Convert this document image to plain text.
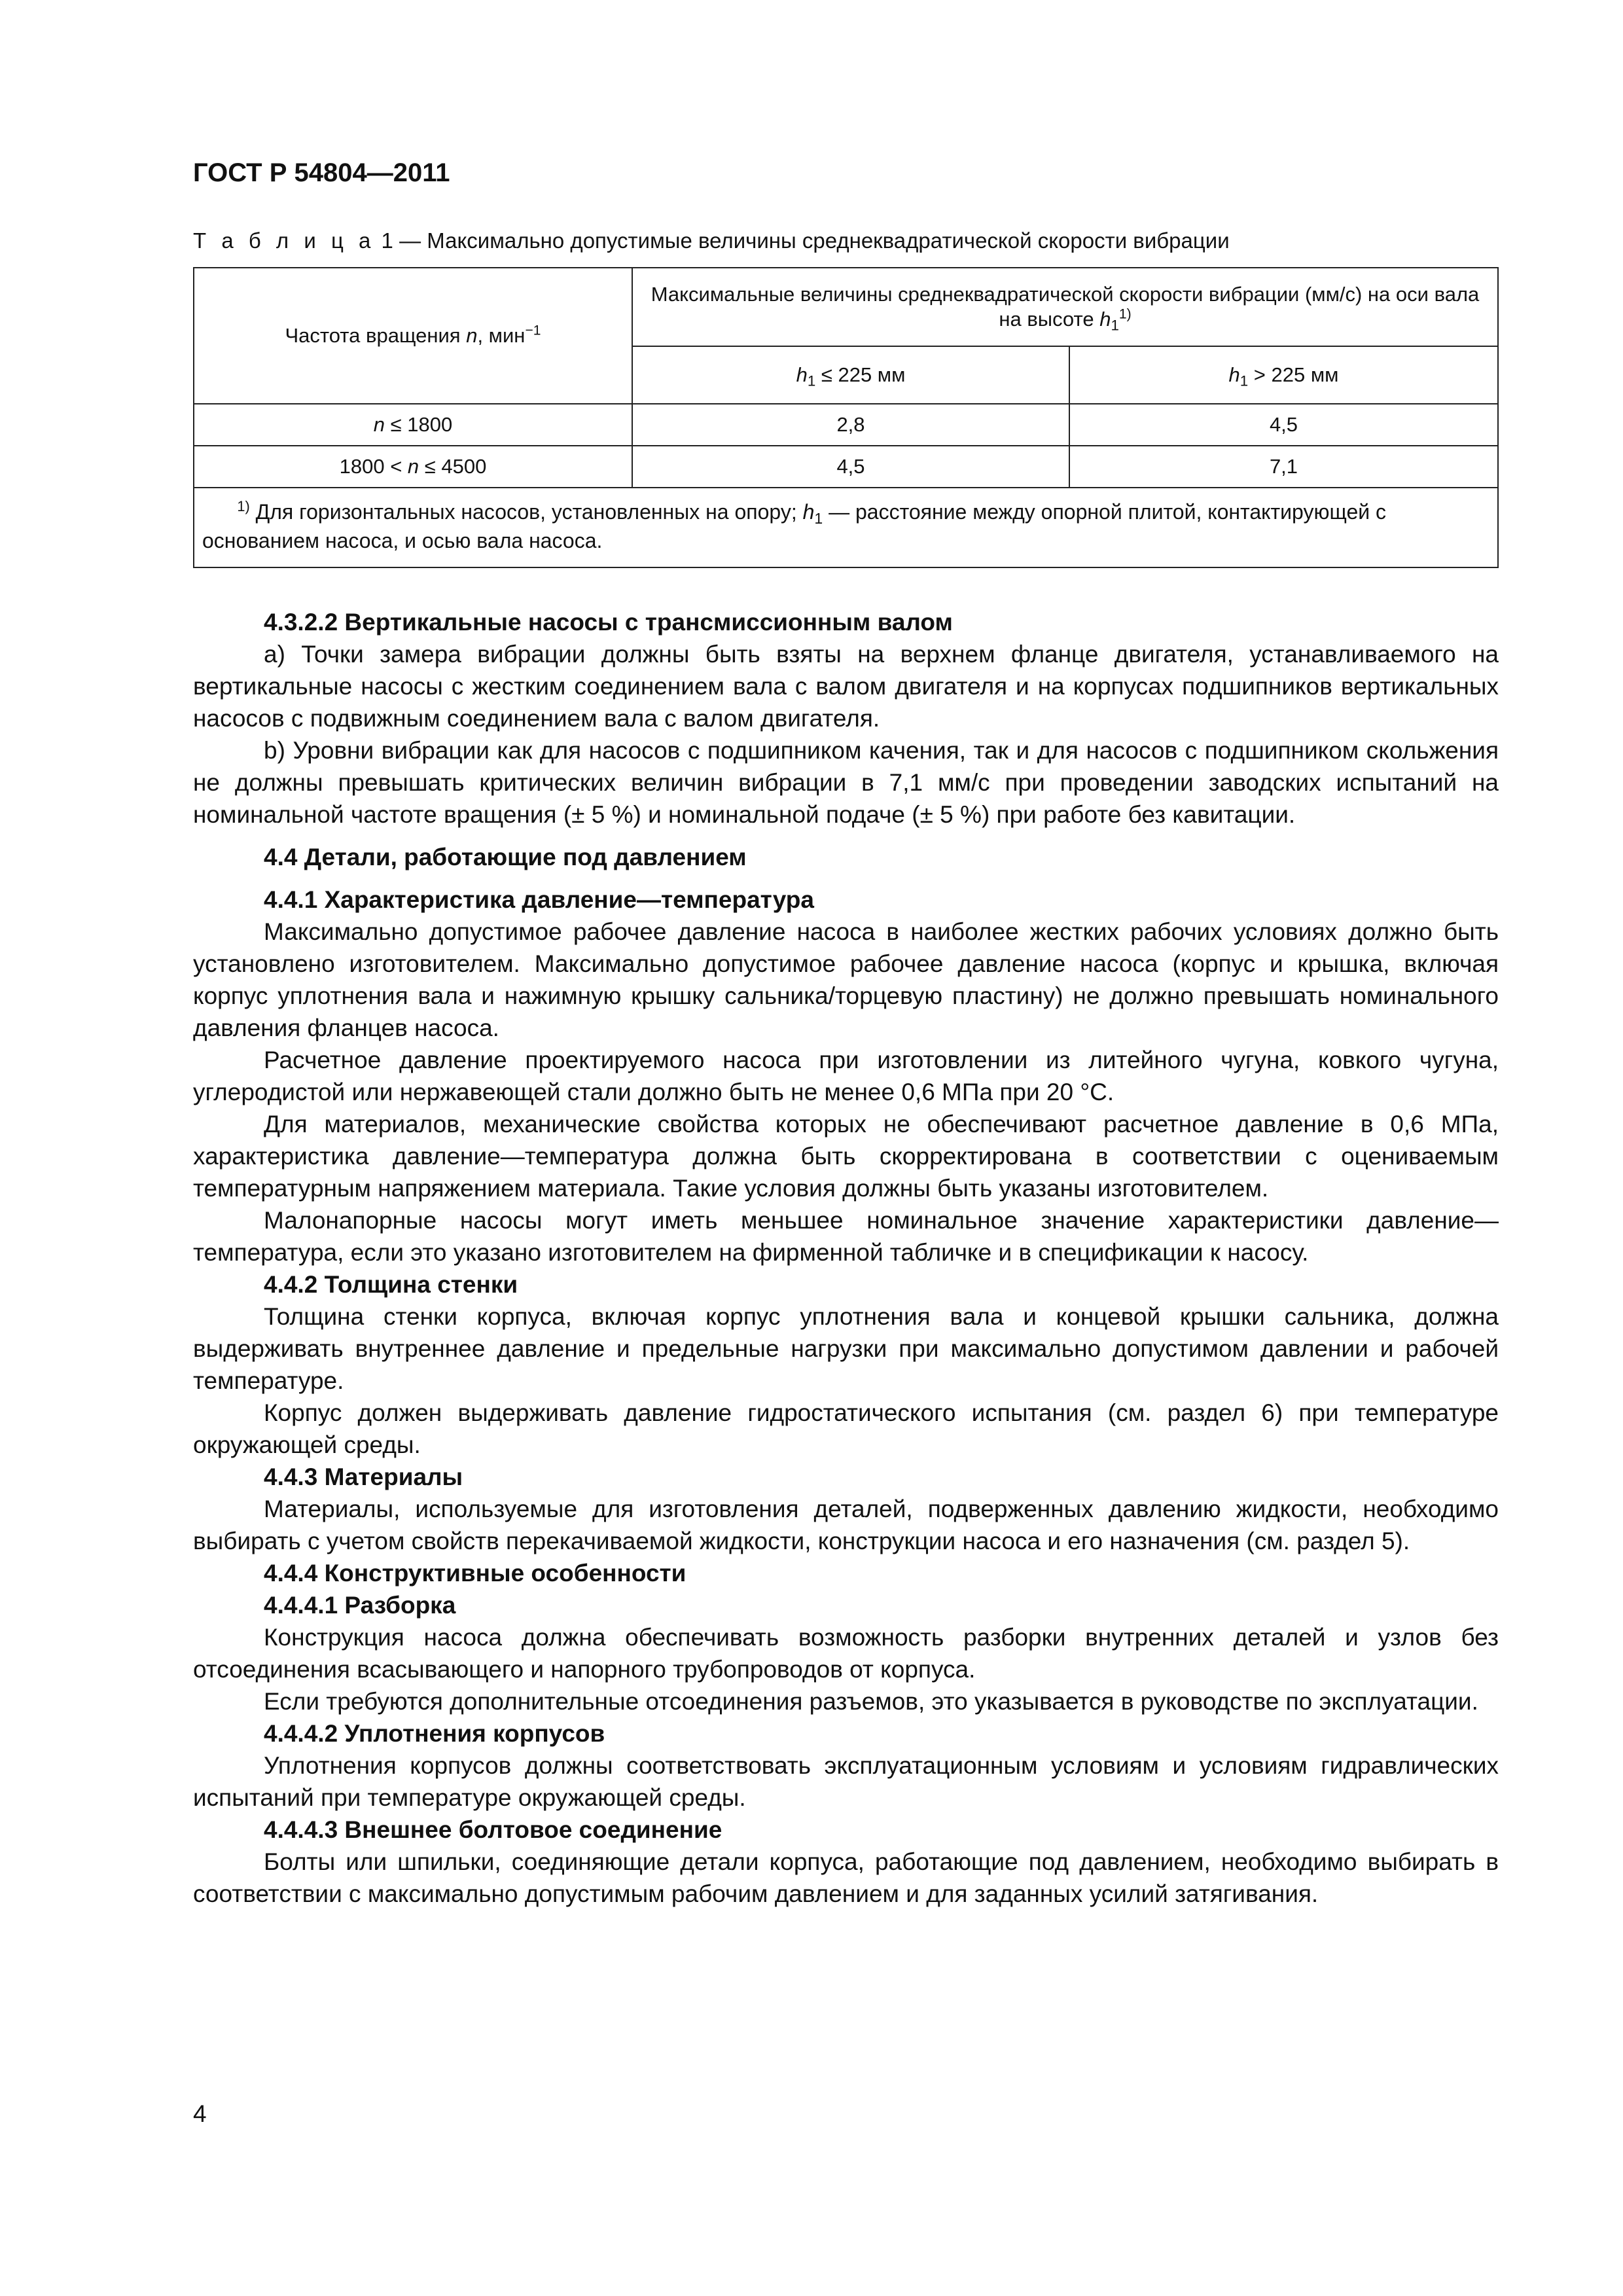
ГОСТ Р 54804—2011
Т а б л и ц а 1 — Максимально допустимые величины среднеквадратической скорости вибрации
Частота вращения n, мин$^{-1}$	Максимальные величины среднеквадратической скорости вибрации (мм/с) на оси вала на высоте $h_1^{1)}$
	$h_1 \le 225$ мм	$h_1 > 225$ мм
n ≤ 1800	2,8	4,5
1800 < n ≤ 4500	4,5	7,1
$^{1)}$ Для горизонтальных насосов, установленных на опору; $h_1$ — расстояние между опорной плитой, контактирующей с основанием насоса, и осью вала насоса.		

4.3.2.2 Вертикальные насосы с трансмиссионным валом

a) Точки замера вибрации должны быть взяты на верхнем фланце двигателя, устанавливаемого на вертикальные насосы с жестким соединением вала с валом двигателя и на корпусах подшипников вертикальных насосов с подвижным соединением вала с валом двигателя.

b) Уровни вибрации как для насосов с подшипником качения, так и для насосов с подшипником скольжения не должны превышать критических величин вибрации в 7,1 мм/с при проведении заводских испытаний на номинальной частоте вращения (± 5 %) и номинальной подаче (± 5 %) при работе без кавитации.

4.4 Детали, работающие под давлением

4.4.1 Характеристика давление—температура

Максимально допустимое рабочее давление насоса в наиболее жестких рабочих условиях должно быть установлено изготовителем. Максимально допустимое рабочее давление насоса (корпус и крышка, включая корпус уплотнения вала и нажимную крышку сальника/торцевую пластину) не должно превышать номинального давления фланцев насоса.

Расчетное давление проектируемого насоса при изготовлении из литейного чугуна, ковкого чугуна, углеродистой или нержавеющей стали должно быть не менее 0,6 МПа при 20 °С.

Для материалов, механические свойства которых не обеспечивают расчетное давление в 0,6 МПа, характеристика давление—температура должна быть скорректирована в соответствии с оцениваемым температурным напряжением материала. Такие условия должны быть указаны изготовителем.

Малонапорные насосы могут иметь меньшее номинальное значение характеристики давление—температура, если это указано изготовителем на фирменной табличке и в спецификации к насосу.

4.4.2 Толщина стенки

Толщина стенки корпуса, включая корпус уплотнения вала и концевой крышки сальника, должна выдерживать внутреннее давление и предельные нагрузки при максимально допустимом давлении и рабочей температуре.

Корпус должен выдерживать давление гидростатического испытания (см. раздел 6) при температуре окружающей среды.

4.4.3 Материалы

Материалы, используемые для изготовления деталей, подверженных давлению жидкости, необходимо выбирать с учетом свойств перекачиваемой жидкости, конструкции насоса и его назначения (см. раздел 5).

4.4.4 Конструктивные особенности

4.4.4.1 Разборка

Конструкция насоса должна обеспечивать возможность разборки внутренних деталей и узлов без отсоединения всасывающего и напорного трубопроводов от корпуса.

Если требуются дополнительные отсоединения разъемов, это указывается в руководстве по эксплуатации.

4.4.4.2 Уплотнения корпусов

Уплотнения корпусов должны соответствовать эксплуатационным условиям и условиям гидравлических испытаний при температуре окружающей среды.

4.4.4.3 Внешнее болтовое соединение

Болты или шпильки, соединяющие детали корпуса, работающие под давлением, необходимо выбирать в соответствии с максимально допустимым рабочим давлением и для заданных усилий затягивания.

4
